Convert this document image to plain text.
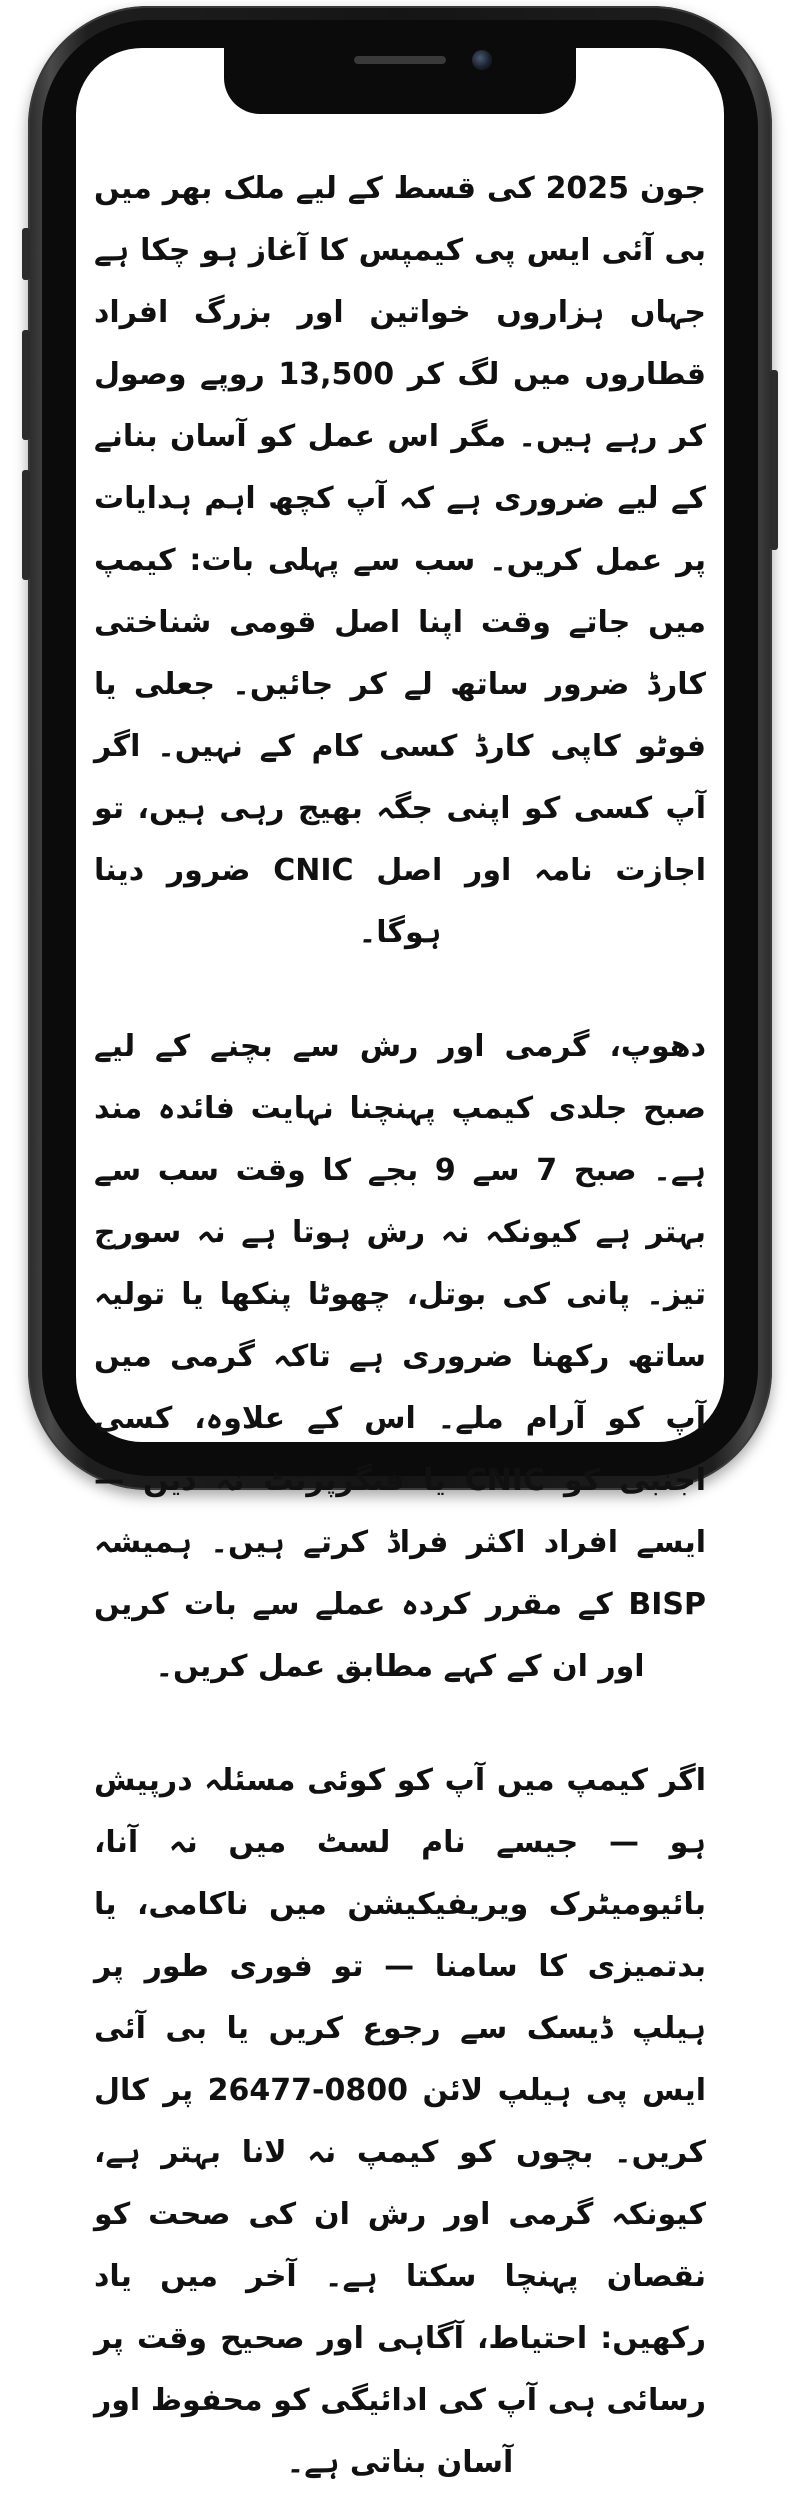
جون 2025 کی قسط کے لیے ملک بھر میں بی آئی ایس پی کیمپس کا آغاز ہو چکا ہے جہاں ہزاروں خواتین اور بزرگ افراد قطاروں میں لگ کر 13,500 روپے وصول کر رہے ہیں۔ مگر اس عمل کو آسان بنانے کے لیے ضروری ہے کہ آپ کچھ اہم ہدایات پر عمل کریں۔ سب سے پہلی بات: کیمپ میں جاتے وقت اپنا اصل قومی شناختی کارڈ ضرور ساتھ لے کر جائیں۔ جعلی یا فوٹو کاپی کارڈ کسی کام کے نہیں۔ اگر آپ کسی کو اپنی جگہ بھیج رہی ہیں، تو اجازت نامہ اور اصل CNIC ضرور دینا ہوگا۔

دھوپ، گرمی اور رش سے بچنے کے لیے صبح جلدی کیمپ پہنچنا نہایت فائدہ مند ہے۔ صبح 7 سے 9 بجے کا وقت سب سے بہتر ہے کیونکہ نہ رش ہوتا ہے نہ سورج تیز۔ پانی کی بوتل، چھوٹا پنکھا یا تولیہ ساتھ رکھنا ضروری ہے تاکہ گرمی میں آپ کو آرام ملے۔ اس کے علاوہ، کسی اجنبی کو CNIC یا فنگرپرنٹ نہ دیں — ایسے افراد اکثر فراڈ کرتے ہیں۔ ہمیشہ BISP کے مقرر کردہ عملے سے بات کریں اور ان کے کہے مطابق عمل کریں۔

اگر کیمپ میں آپ کو کوئی مسئلہ درپیش ہو — جیسے نام لسٹ میں نہ آنا، بائیومیٹرک ویریفیکیشن میں ناکامی، یا بدتمیزی کا سامنا — تو فوری طور پر ہیلپ ڈیسک سے رجوع کریں یا بی آئی ایس پی ہیلپ لائن 0800-26477 پر کال کریں۔ بچوں کو کیمپ نہ لانا بہتر ہے، کیونکہ گرمی اور رش ان کی صحت کو نقصان پہنچا سکتا ہے۔ آخر میں یاد رکھیں: احتیاط، آگاہی اور صحیح وقت پر رسائی ہی آپ کی ادائیگی کو محفوظ اور آسان بناتی ہے۔
